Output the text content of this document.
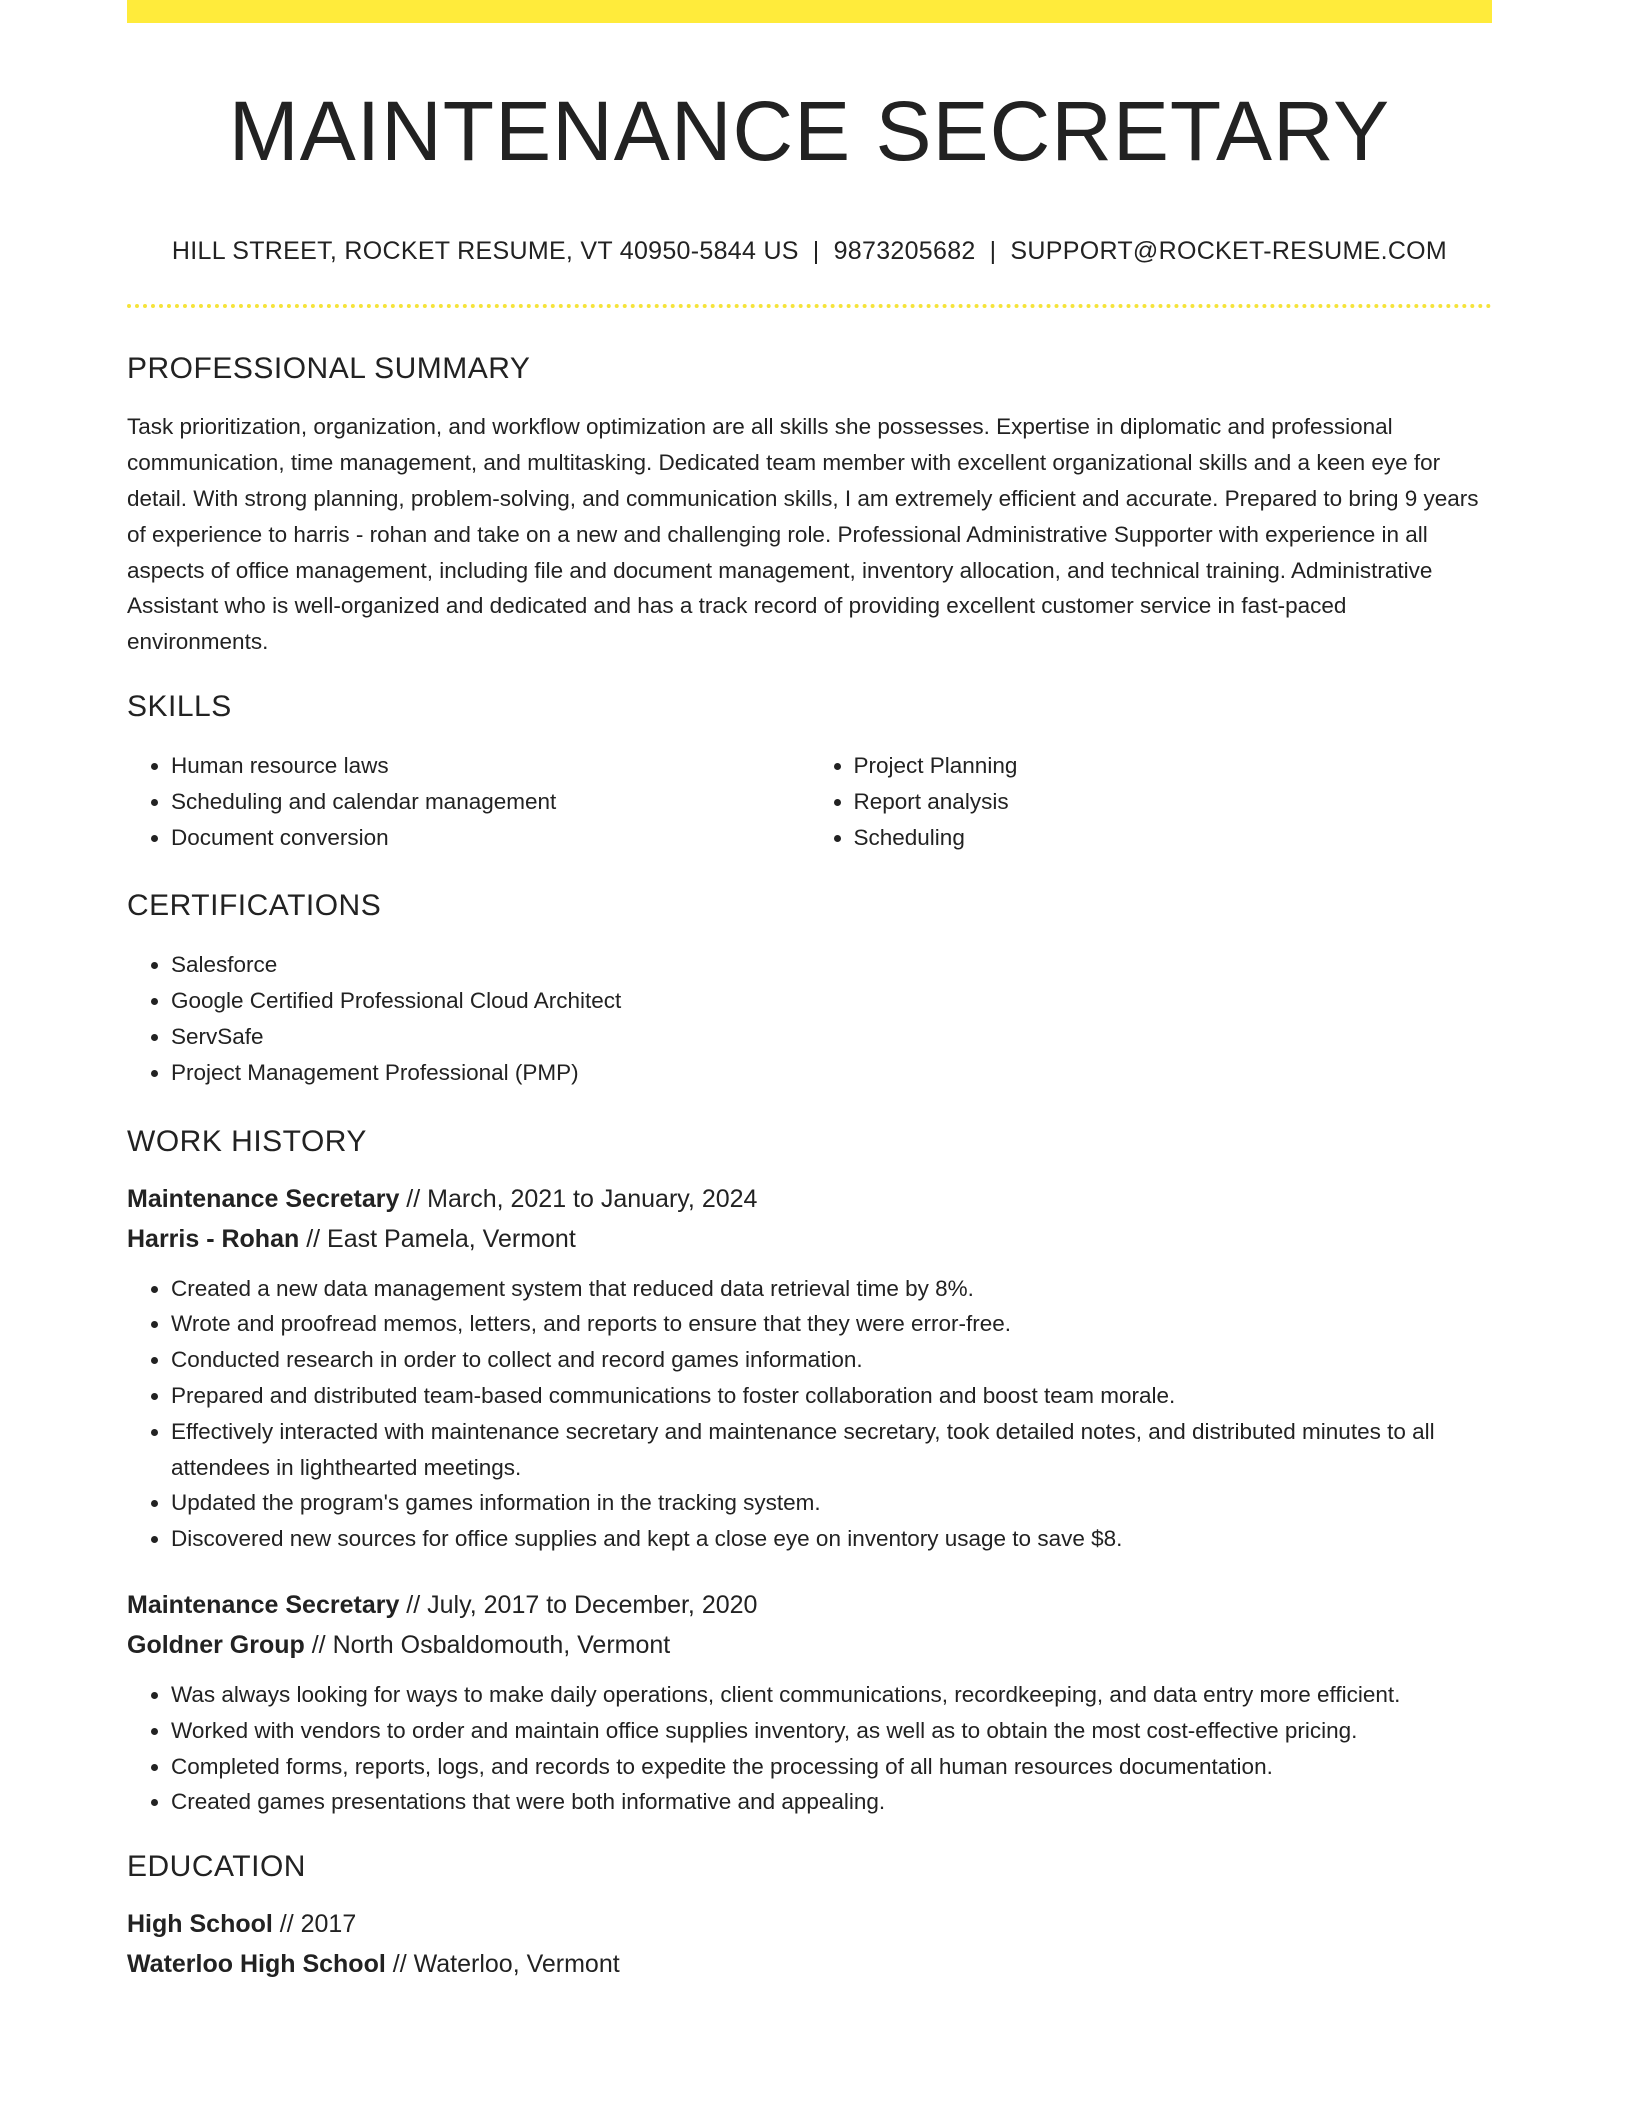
MAINTENANCE SECRETARY
HILL STREET, ROCKET RESUME, VT 40950-5844 US | 9873205682 | SUPPORT@ROCKET-RESUME.COM
PROFESSIONAL SUMMARY
Task prioritization, organization, and workflow optimization are all skills she possesses. Expertise in diplomatic and professional communication, time management, and multitasking. Dedicated team member with excellent organizational skills and a keen eye for detail. With strong planning, problem-solving, and communication skills, I am extremely efficient and accurate. Prepared to bring 9 years of experience to harris - rohan and take on a new and challenging role. Professional Administrative Supporter with experience in all aspects of office management, including file and document management, inventory allocation, and technical training. Administrative Assistant who is well-organized and dedicated and has a track record of providing excellent customer service in fast-paced environments.
SKILLS
• Human resource laws
• Scheduling and calendar management
• Document conversion
• Project Planning
• Report analysis
• Scheduling
CERTIFICATIONS
• Salesforce
• Google Certified Professional Cloud Architect
• ServSafe
• Project Management Professional (PMP)
WORK HISTORY
Maintenance Secretary // March, 2021 to January, 2024
Harris - Rohan // East Pamela, Vermont
• Created a new data management system that reduced data retrieval time by 8%.
• Wrote and proofread memos, letters, and reports to ensure that they were error-free.
• Conducted research in order to collect and record games information.
• Prepared and distributed team-based communications to foster collaboration and boost team morale.
• Effectively interacted with maintenance secretary and maintenance secretary, took detailed notes, and distributed minutes to all attendees in lighthearted meetings.
• Updated the program's games information in the tracking system.
• Discovered new sources for office supplies and kept a close eye on inventory usage to save $8.
Maintenance Secretary // July, 2017 to December, 2020
Goldner Group // North Osbaldomouth, Vermont
• Was always looking for ways to make daily operations, client communications, recordkeeping, and data entry more efficient.
• Worked with vendors to order and maintain office supplies inventory, as well as to obtain the most cost-effective pricing.
• Completed forms, reports, logs, and records to expedite the processing of all human resources documentation.
• Created games presentations that were both informative and appealing.
EDUCATION
High School // 2017
Waterloo High School // Waterloo, Vermont
